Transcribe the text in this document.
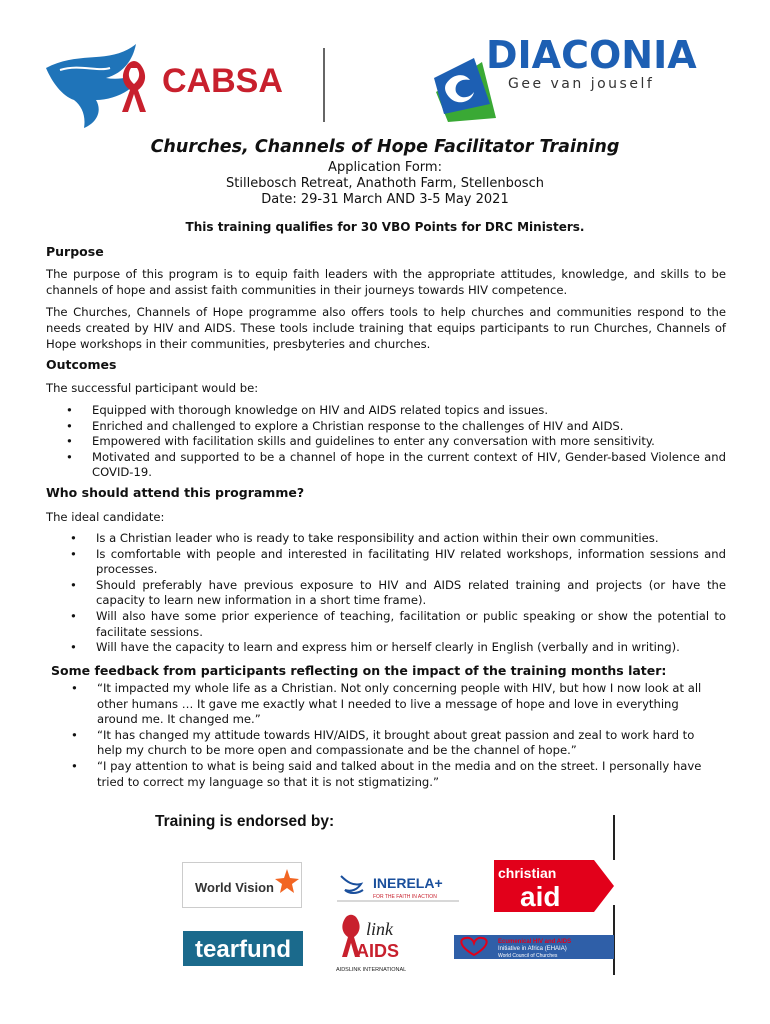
CABSA
DIACONIA
Gee van jouself
Churches, Channels of Hope Facilitator Training
Application Form:
Stillebosch Retreat, Anathoth Farm, Stellenbosch
Date: 29-31 March AND 3-5 May 2021
This training qualifies for 30 VBO Points for DRC Ministers.
Purpose

The purpose of this program is to equip faith leaders with the appropriate attitudes, knowledge, and skills to be channels of hope and assist faith communities in their journeys towards HIV competence.

The Churches, Channels of Hope programme also offers tools to help churches and communities respond to the needs created by HIV and AIDS. These tools include training that equips participants to run Churches, Channels of Hope workshops in their communities, presbyteries and churches.

Outcomes

The successful participant would be:

• Equipped with thorough knowledge on HIV and AIDS related topics and issues.
• Enriched and challenged to explore a Christian response to the challenges of HIV and AIDS.
• Empowered with facilitation skills and guidelines to enter any conversation with more sensitivity.
• Motivated and supported to be a channel of hope in the current context of HIV, Gender-based Violence and COVID-19.
Who should attend this programme?

The ideal candidate:

• Is a Christian leader who is ready to take responsibility and action within their own communities.
• Is comfortable with people and interested in facilitating HIV related workshops, information sessions and processes.
• Should preferably have previous exposure to HIV and AIDS related training and projects (or have the capacity to learn new information in a short time frame).
• Will also have some prior experience of teaching, facilitation or public speaking or show the potential to facilitate sessions.
• Will have the capacity to learn and express him or herself clearly in English (verbally and in writing).
Some feedback from participants reflecting on the impact of the training months later:
• “It impacted my whole life as a Christian. Not only concerning people with HIV, but how I now look at all other humans … It gave me exactly what I needed to live a message of hope and love in everything around me. It changed me.”
• “It has changed my attitude towards HIV/AIDS, it brought about great passion and zeal to work hard to help my church to be more open and compassionate and be the channel of hope.”
• “I pay attention to what is being said and talked about in the media and on the street. I personally have tried to correct my language so that it is not stigmatizing.”
Training is endorsed by:
World Vision	INERELA+
FOR THE FAITH IN ACTION
christian
aid
tearfund
link
AIDS
AIDSLINK INTERNATIONAL
Ecumenical HIV and AIDS
Initiative in Africa (EHAIA)
World Council of Churches
